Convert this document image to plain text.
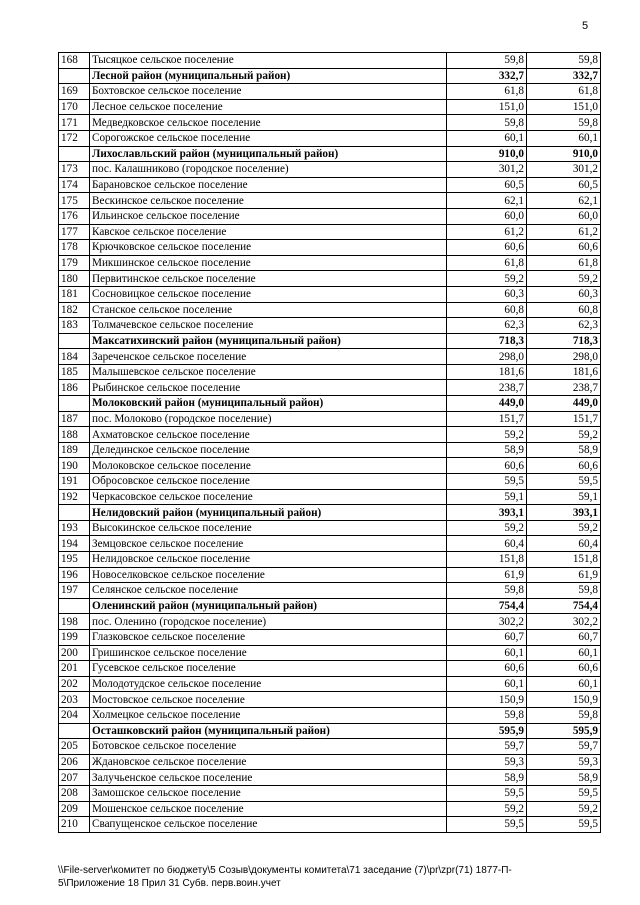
5
168	Тысяцкое сельское поселение	59,8	59,8
	Лесной район (муниципальный район)	332,7	332,7
169	Бохтовское сельское поселение	61,8	61,8
170	Лесное сельское поселение	151,0	151,0
171	Медведковское сельское поселение	59,8	59,8
172	Сорогожское сельское поселение	60,1	60,1
	Лихославльский район (муниципальный район)	910,0	910,0
173	пос. Калашниково (городское поселение)	301,2	301,2
174	Барановское сельское поселение	60,5	60,5
175	Вескинское сельское поселение	62,1	62,1
176	Ильинское сельское поселение	60,0	60,0
177	Кавское сельское поселение	61,2	61,2
178	Крючковское сельское поселение	60,6	60,6
179	Микшинское сельское поселение	61,8	61,8
180	Первитинское сельское поселение	59,2	59,2
181	Сосновицкое сельское поселение	60,3	60,3
182	Станское сельское поселение	60,8	60,8
183	Толмачевское сельское поселение	62,3	62,3
	Максатихинский район (муниципальный район)	718,3	718,3
184	Зареченское сельское поселение	298,0	298,0
185	Малышевское сельское поселение	181,6	181,6
186	Рыбинское сельское поселение	238,7	238,7
	Молоковский район (муниципальный район)	449,0	449,0
187	пос. Молоково (городское поселение)	151,7	151,7
188	Ахматовское сельское поселение	59,2	59,2
189	Делединское сельское поселение	58,9	58,9
190	Молоковское сельское поселение	60,6	60,6
191	Обросовское сельское поселение	59,5	59,5
192	Черкасовское сельское поселение	59,1	59,1
	Нелидовский район (муниципальный район)	393,1	393,1
193	Высокинское сельское поселение	59,2	59,2
194	Земцовское сельское поселение	60,4	60,4
195	Нелидовское сельское поселение	151,8	151,8
196	Новоселковское сельское поселение	61,9	61,9
197	Селянское сельское поселение	59,8	59,8
	Оленинский район (муниципальный район)	754,4	754,4
198	пос. Оленино (городское поселение)	302,2	302,2
199	Глазковское сельское поселение	60,7	60,7
200	Гришинское сельское поселение	60,1	60,1
201	Гусевское сельское поселение	60,6	60,6
202	Молодотудское сельское поселение	60,1	60,1
203	Мостовское сельское поселение	150,9	150,9
204	Холмецкое сельское поселение	59,8	59,8
	Осташковский район (муниципальный район)	595,9	595,9
205	Ботовское сельское поселение	59,7	59,7
206	Ждановское сельское поселение	59,3	59,3
207	Залучьенское сельское поселение	58,9	58,9
208	Замошское сельское поселение	59,5	59,5
209	Мошенское сельское поселение	59,2	59,2
210	Свапущенское сельское поселение	59,5	59,5
\\File-server\комитет по бюджету\5 Созыв\документы комитета\71 заседание (7)\pr\zpr(71) 1877-П-
5\Приложение 18 Прил 31 Субв. перв.воин.учет
